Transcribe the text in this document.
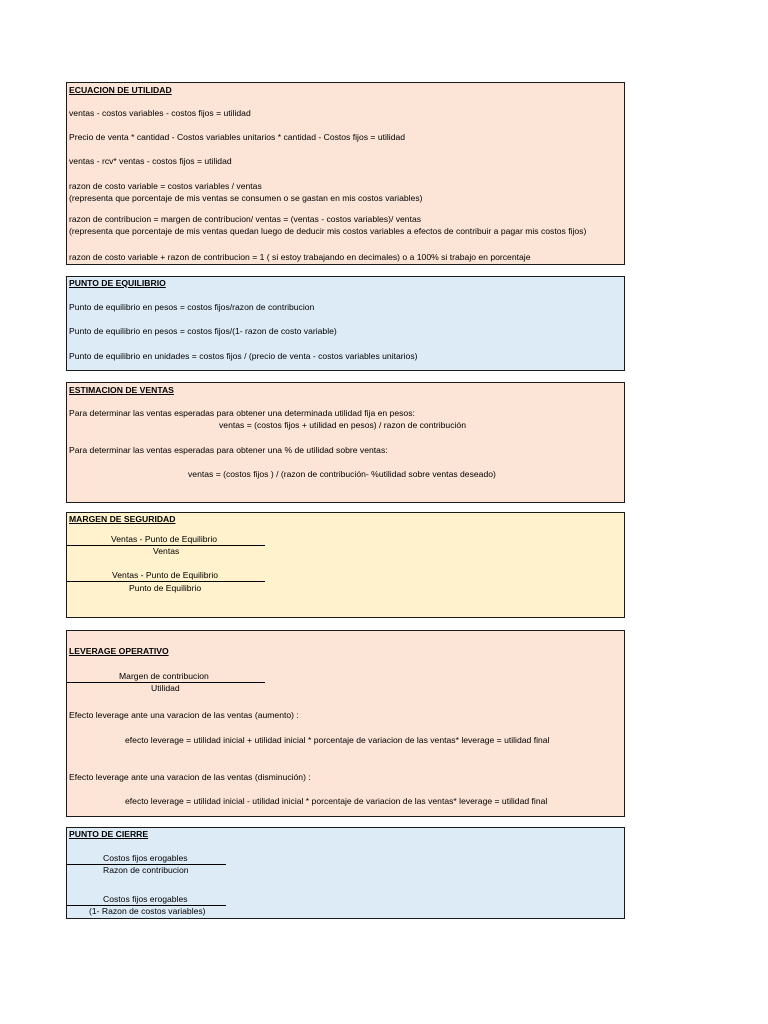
ECUACION DE UTILIDAD
ventas - costos variables - costos fijos = utilidad
Precio de venta * cantidad - Costos variables unitarios * cantidad - Costos fijos = utilidad
ventas - rcv* ventas - costos fijos = utilidad
razon de costo variable = costos variables / ventas
(representa que porcentaje de mis ventas se consumen o se gastan en mis costos variables)
razon de contribucion = margen de contribucion/ ventas = (ventas - costos variables)/ ventas
(representa que porcentaje de mis ventas quedan luego de deducir mis costos variables a efectos de contribuir a pagar mis costos fijos)
razon de costo variable + razon de contribucion = 1 ( si estoy trabajando en decimales) o a 100% si trabajo en porcentaje
PUNTO DE EQUILIBRIO
Punto de equilibrio en pesos = costos fijos/razon de contribucion
Punto de equilibrio en pesos = costos fijos/(1- razon de costo variable)
Punto de equilibrio en unidades = costos fijos / (precio de venta - costos variables unitarios)
ESTIMACION DE VENTAS
Para determinar las ventas esperadas para obtener una determinada utilidad fija en pesos:
ventas = (costos fijos + utilidad en pesos) / razon de contribución
Para determinar las ventas esperadas para obtener una % de utilidad sobre ventas:
ventas = (costos fijos ) / (razon de contribución- %utilidad sobre ventas deseado)
MARGEN DE SEGURIDAD
Ventas - Punto de Equilibrio
Ventas
Ventas - Punto de Equilibrio
Punto de Equilibrio
LEVERAGE OPERATIVO
Margen de contribucion
Utilidad
Efecto leverage ante una varacion de las ventas (aumento) :
efecto leverage = utilidad inicial + utilidad inicial * porcentaje de variacion de las ventas* leverage = utilidad final
Efecto leverage ante una varacion de las ventas (disminución) :
efecto leverage = utilidad inicial - utilidad inicial * porcentaje de variacion de las ventas* leverage = utilidad final
PUNTO DE CIERRE
Costos fijos erogables
Razon de contribucion
Costos fijos erogables
(1- Razon de costos variables)
